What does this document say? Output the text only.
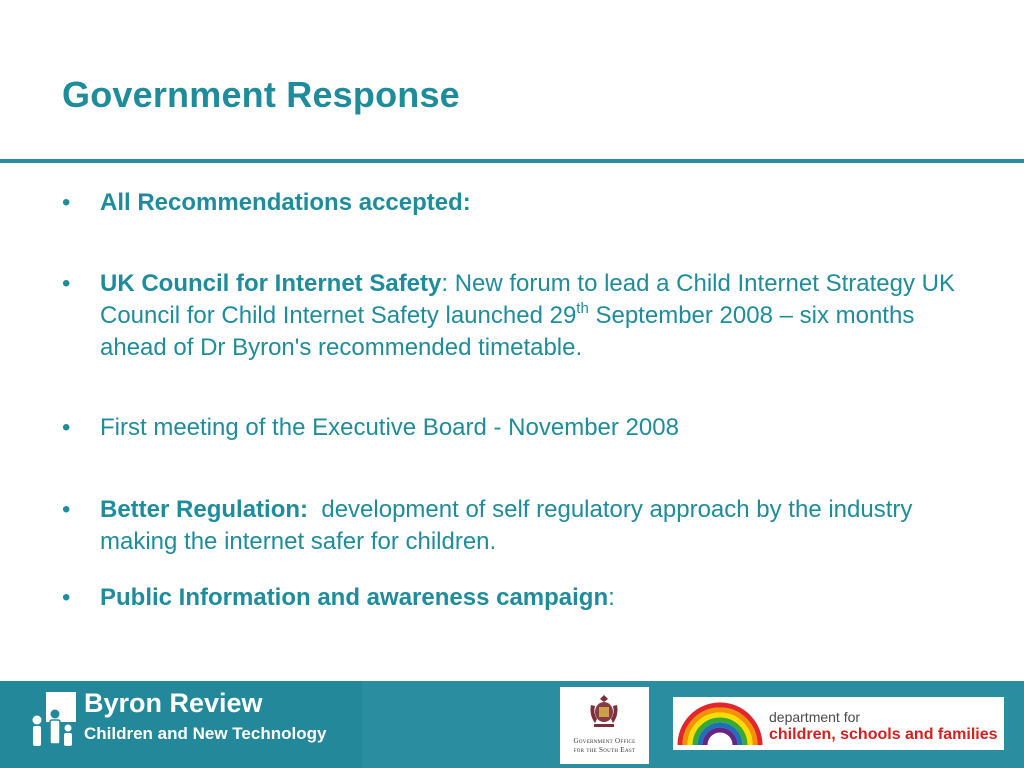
Government Response
•	All Recommendations accepted:
•	UK Council for Internet Safety: New forum to lead a Child Internet Strategy UK Council for Child Internet Safety launched 29th September 2008 – six months ahead of Dr Byron's recommended timetable.
•	First meeting of the Executive Board - November 2008
•	Better Regulation:  development of self regulatory approach by the industry making the internet safer for children.
•	Public Information and awareness campaign:
Byron Review
Children and New Technology	Government Office
for the South East
department for
children, schools and families
